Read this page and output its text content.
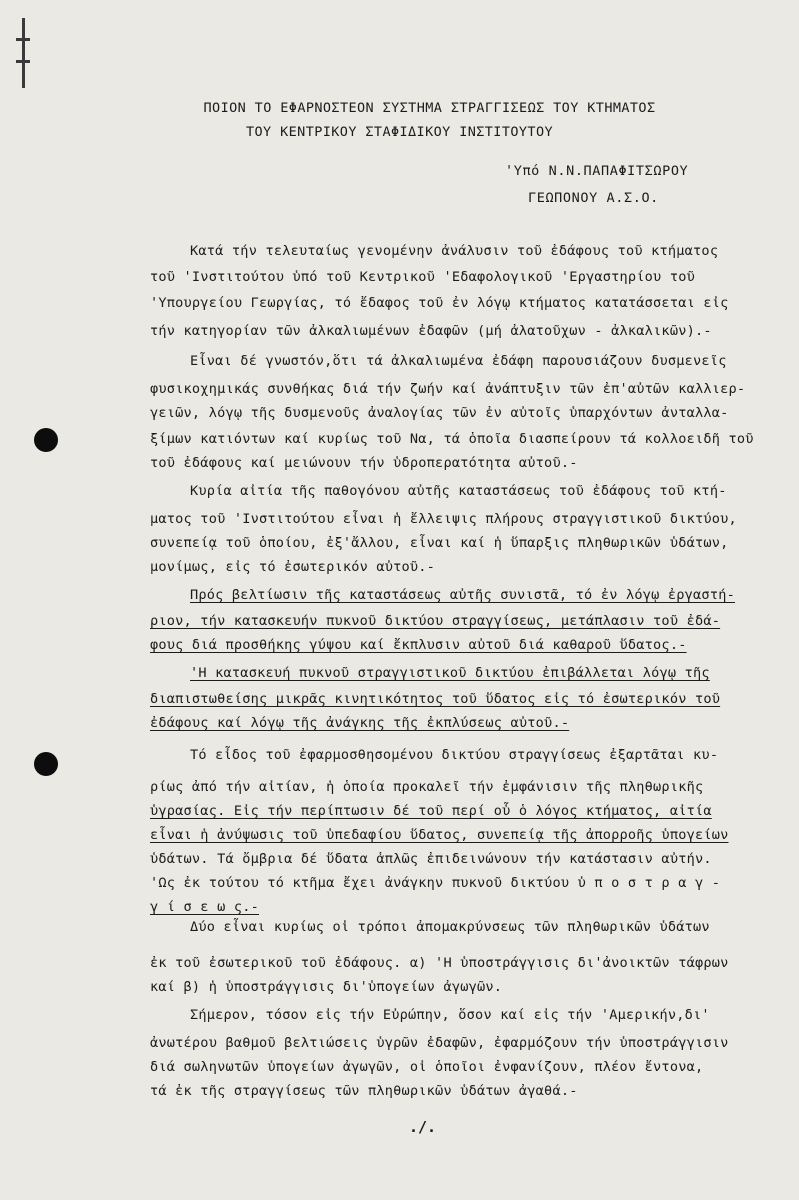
ΠΟΙΟΝ ΤΟ ΕΦΑΡΝΟΣΤΕΟΝ ΣΥΣΤΗΜΑ ΣΤΡΑΓΓΙΣΕΩΣ ΤΟΥ ΚΤΗΜΑΤΟΣ
ΤΟΥ ΚΕΝΤΡΙΚΟΥ ΣΤΑΦΙΔΙΚΟΥ ΙΝΣΤΙΤΟΥΤΟΥ
'Υπό Ν.Ν.ΠΑΠΑΦΙΤΣΩΡΟΥ
ΓΕΩΠΟΝΟΥ Α.Σ.Ο.
Κατά τήν τελευταίως γενομένην ἀνάλυσιν τοῦ ἐδάφους τοῦ κτήματος
τοῦ 'Ινστιτούτου ὑπό τοῦ Κεντρικοῦ 'Εδαφολογικοῦ 'Εργαστηρίου τοῦ
'Υπουργείου Γεωργίας, τό ἔδαφος τοῦ ἐν λόγῳ κτήματος κατατάσσεται εἰς
τήν κατηγορίαν τῶν ἀλκαλιωμένων ἐδαφῶν (μή ἀλατοῦχων - ἀλκαλικῶν).-
Εἶναι δέ γνωστόν,ὅτι τά ἀλκαλιωμένα ἐδάφη παρουσιάζουν δυσμενεῖς
φυσικοχημικάς συνθήκας διά τήν ζωήν καί ἀνάπτυξιν τῶν ἐπ'αὐτῶν καλλιερ-
γειῶν, λόγῳ τῆς δυσμενοῦς ἀναλογίας τῶν ἐν αὐτοῖς ὑπαρχόντων ἀνταλλα-
ξίμων κατιόντων καί κυρίως τοῦ Να, τά ὁποῖα διασπείρουν τά κολλοειδῆ τοῦ
τοῦ ἐδάφους καί μειώνουν τήν ὑδροπερατότητα αὐτοῦ.-
Κυρία αἰτία τῆς παθογόνου αὐτῆς καταστάσεως τοῦ ἐδάφους τοῦ κτή-
ματος τοῦ 'Ινστιτούτου εἶναι ἡ ἔλλειψις πλήρους στραγγιστικοῦ δικτύου,
συνεπείᾳ τοῦ ὁποίου, ἐξ'ἄλλου, εἶναι καί ἡ ὕπαρξις πληθωρικῶν ὑδάτων,
μονίμως, εἰς τό ἐσωτερικόν αὐτοῦ.-
Πρός βελτίωσιν τῆς καταστάσεως αὐτῆς συνιστᾶ, τό ἐν λόγῳ ἐργαστή-
ριον, τήν κατασκευήν πυκνοῦ δικτύου στραγγίσεως, μετάπλασιν τοῦ ἐδά-
φους διά προσθήκης γύψου καί ἔκπλυσιν αὐτοῦ διά καθαροῦ ὕδατος.-
'Η κατασκευή πυκνοῦ στραγγιστικοῦ δικτύου ἐπιβάλλεται λόγῳ τῆς
διαπιστωθείσης μικρᾶς κινητικότητος τοῦ ὕδατος εἰς τό ἐσωτερικόν τοῦ
ἐδάφους καί λόγῳ τῆς ἀνάγκης τῆς ἐκπλύσεως αὐτοῦ.-
Τό εἶδος τοῦ ἐφαρμοσθησομένου δικτύου στραγγίσεως ἐξαρτᾶται κυ-
ρίως ἀπό τήν αἰτίαν, ἡ ὁποία προκαλεῖ τήν ἐμφάνισιν τῆς πληθωρικῆς
ὑγρασίας. Εἰς τήν περίπτωσιν δέ τοῦ περί οὗ ὁ λόγος κτήματος, αἰτία
εἶναι ἡ ἀνύψωσις τοῦ ὑπεδαφίου ὕδατος, συνεπείᾳ τῆς ἀπορροῆς ὑπογείων
ὑδάτων. Τά ὄμβρια δέ ὕδατα ἁπλῶς ἐπιδεινώνουν τήν κατάστασιν αὐτήν.
'Ως ἐκ τούτου τό κτῆμα ἔχει ἀνάγκην πυκνοῦ δικτύου ὑ π ο σ τ ρ α γ -
γ ί σ ε ω ς.-
Δύο εἶναι κυρίως οἱ τρόποι ἀπομακρύνσεως τῶν πληθωρικῶν ὑδάτων
ἐκ τοῦ ἐσωτερικοῦ τοῦ ἐδάφους. α) 'Η ὑποστράγγισις δι'ἀνοικτῶν τάφρων
καί β) ἡ ὑποστράγγισις δι'ὑπογείων ἀγωγῶν.
Σήμερον, τόσον εἰς τήν Εὐρώπην, ὅσον καί εἰς τήν 'Αμερικήν,δι'
ἀνωτέρου βαθμοῦ βελτιώσεις ὑγρῶν ἐδαφῶν, ἐφαρμόζουν τήν ὑποστράγγισιν
διά σωληνωτῶν ὑπογείων ἀγωγῶν, οἱ ὁποῖοι ἐνφανίζουν, πλέον ἔντονα,
τά ἐκ τῆς στραγγίσεως τῶν πληθωρικῶν ὑδάτων ἀγαθά.-
./.
